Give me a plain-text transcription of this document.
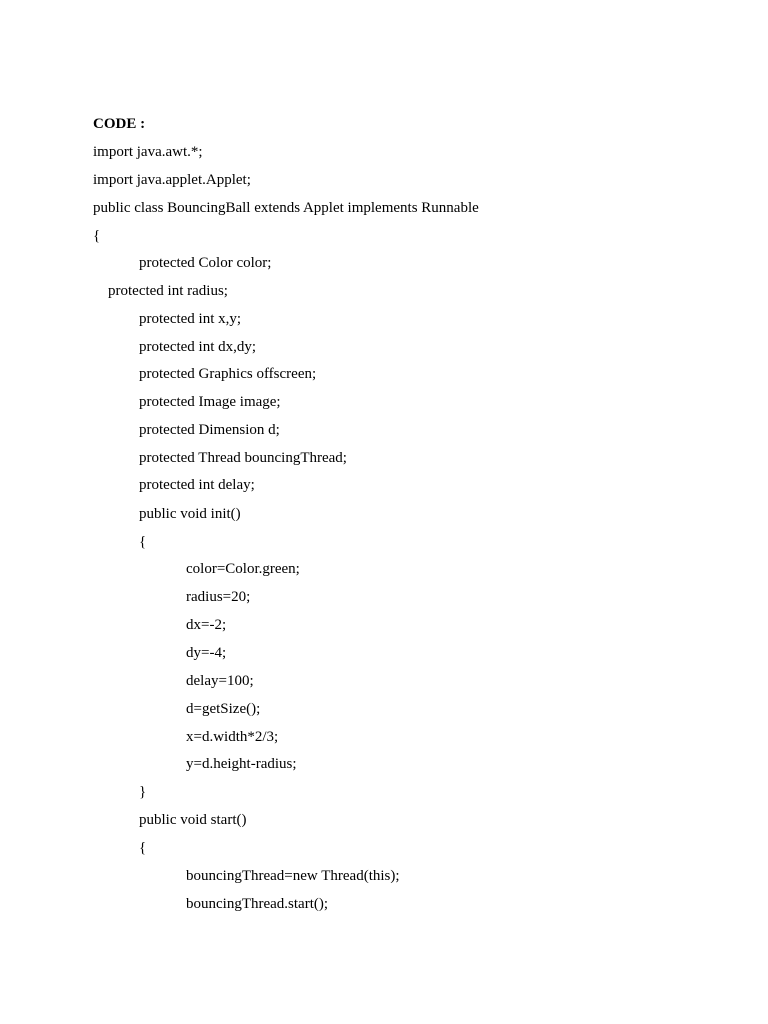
CODE :
import java.awt.*;
import java.applet.Applet;
public class BouncingBall extends Applet implements Runnable
{
protected Color color;
protected int radius;
protected int x,y;
protected int dx,dy;
protected Graphics offscreen;
protected Image image;
protected Dimension d;
protected Thread bouncingThread;
protected int delay;
public void init()
{
color=Color.green;
radius=20;
dx=-2;
dy=-4;
delay=100;
d=getSize();
x=d.width*2/3;
y=d.height-radius;
}
public void start()
{
bouncingThread=new Thread(this);
bouncingThread.start();
